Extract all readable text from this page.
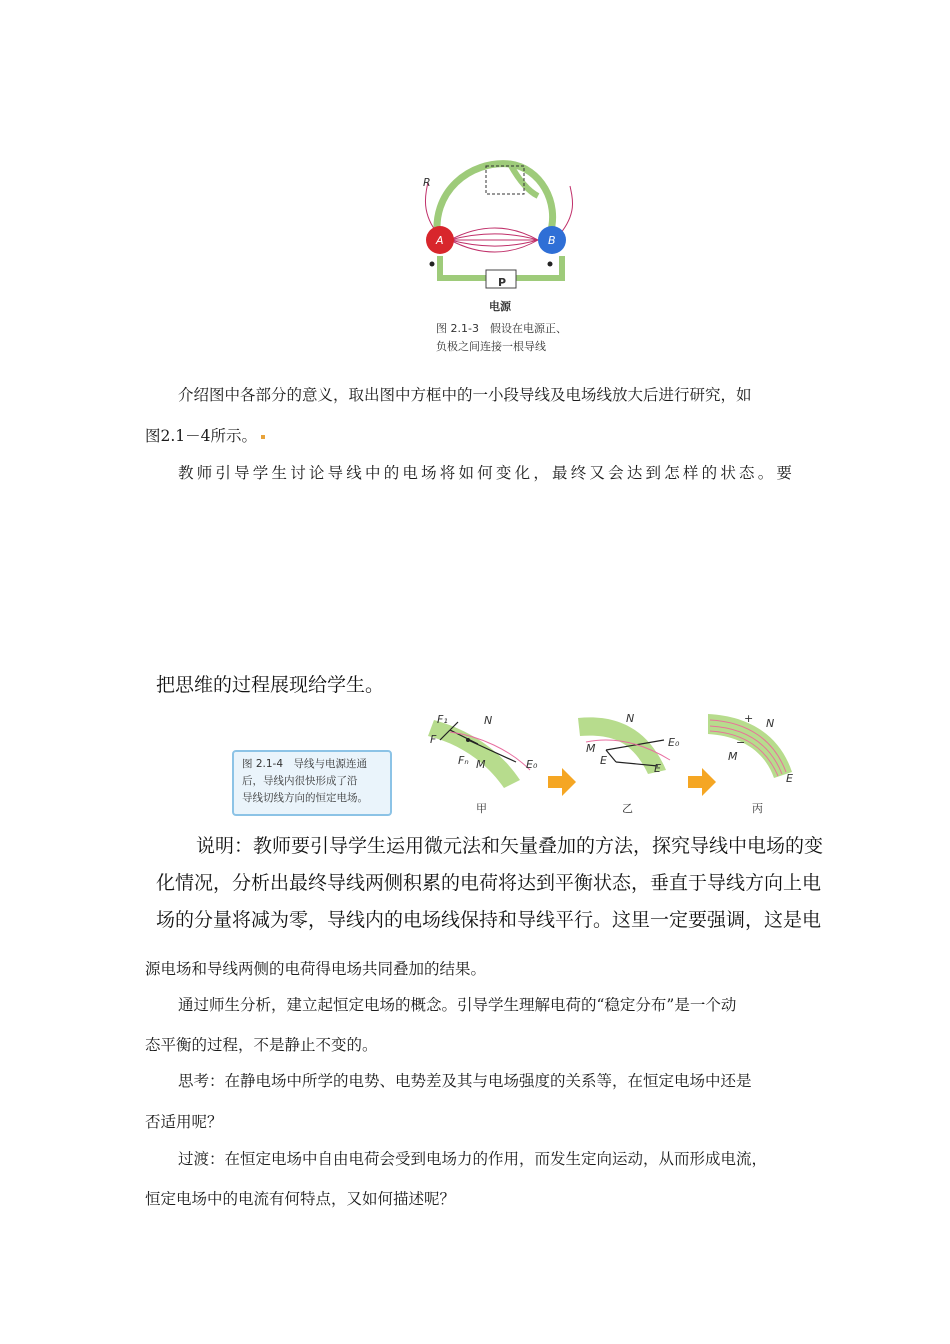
R
A	B
P
电源
图 2.1-3　假设在电源正、
负极之间连接一根导线
介绍图中各部分的意义，取出图中方框中的一小段导线及电场线放大后进行研究，如
图2.1－4所示。
教师引导学生讨论导线中的电场将如何变化，最终又会达到怎样的状态。要
把思维的过程展现给学生。
图 2.1-4　导线与电源连通
后，导线内很快形成了沿
导线切线方向的恒定电场。
F₁
F
Fₙ
N
M	E₀
N
M
E
E₀
E
N
M
E
+
−
甲	乙	丙
说明：教师要引导学生运用微元法和矢量叠加的方法，探究导线中电场的变
化情况，分析出最终导线两侧积累的电荷将达到平衡状态，垂直于导线方向上电
场的分量将减为零，导线内的电场线保持和导线平行。这里一定要强调，这是电
源电场和导线两侧的电荷得电场共同叠加的结果。
通过师生分析，建立起恒定电场的概念。引导学生理解电荷的“稳定分布”是一个动
态平衡的过程，不是静止不变的。
思考：在静电场中所学的电势、电势差及其与电场强度的关系等，在恒定电场中还是
否适用呢？
过渡：在恒定电场中自由电荷会受到电场力的作用，而发生定向运动，从而形成电流，
恒定电场中的电流有何特点，又如何描述呢？
